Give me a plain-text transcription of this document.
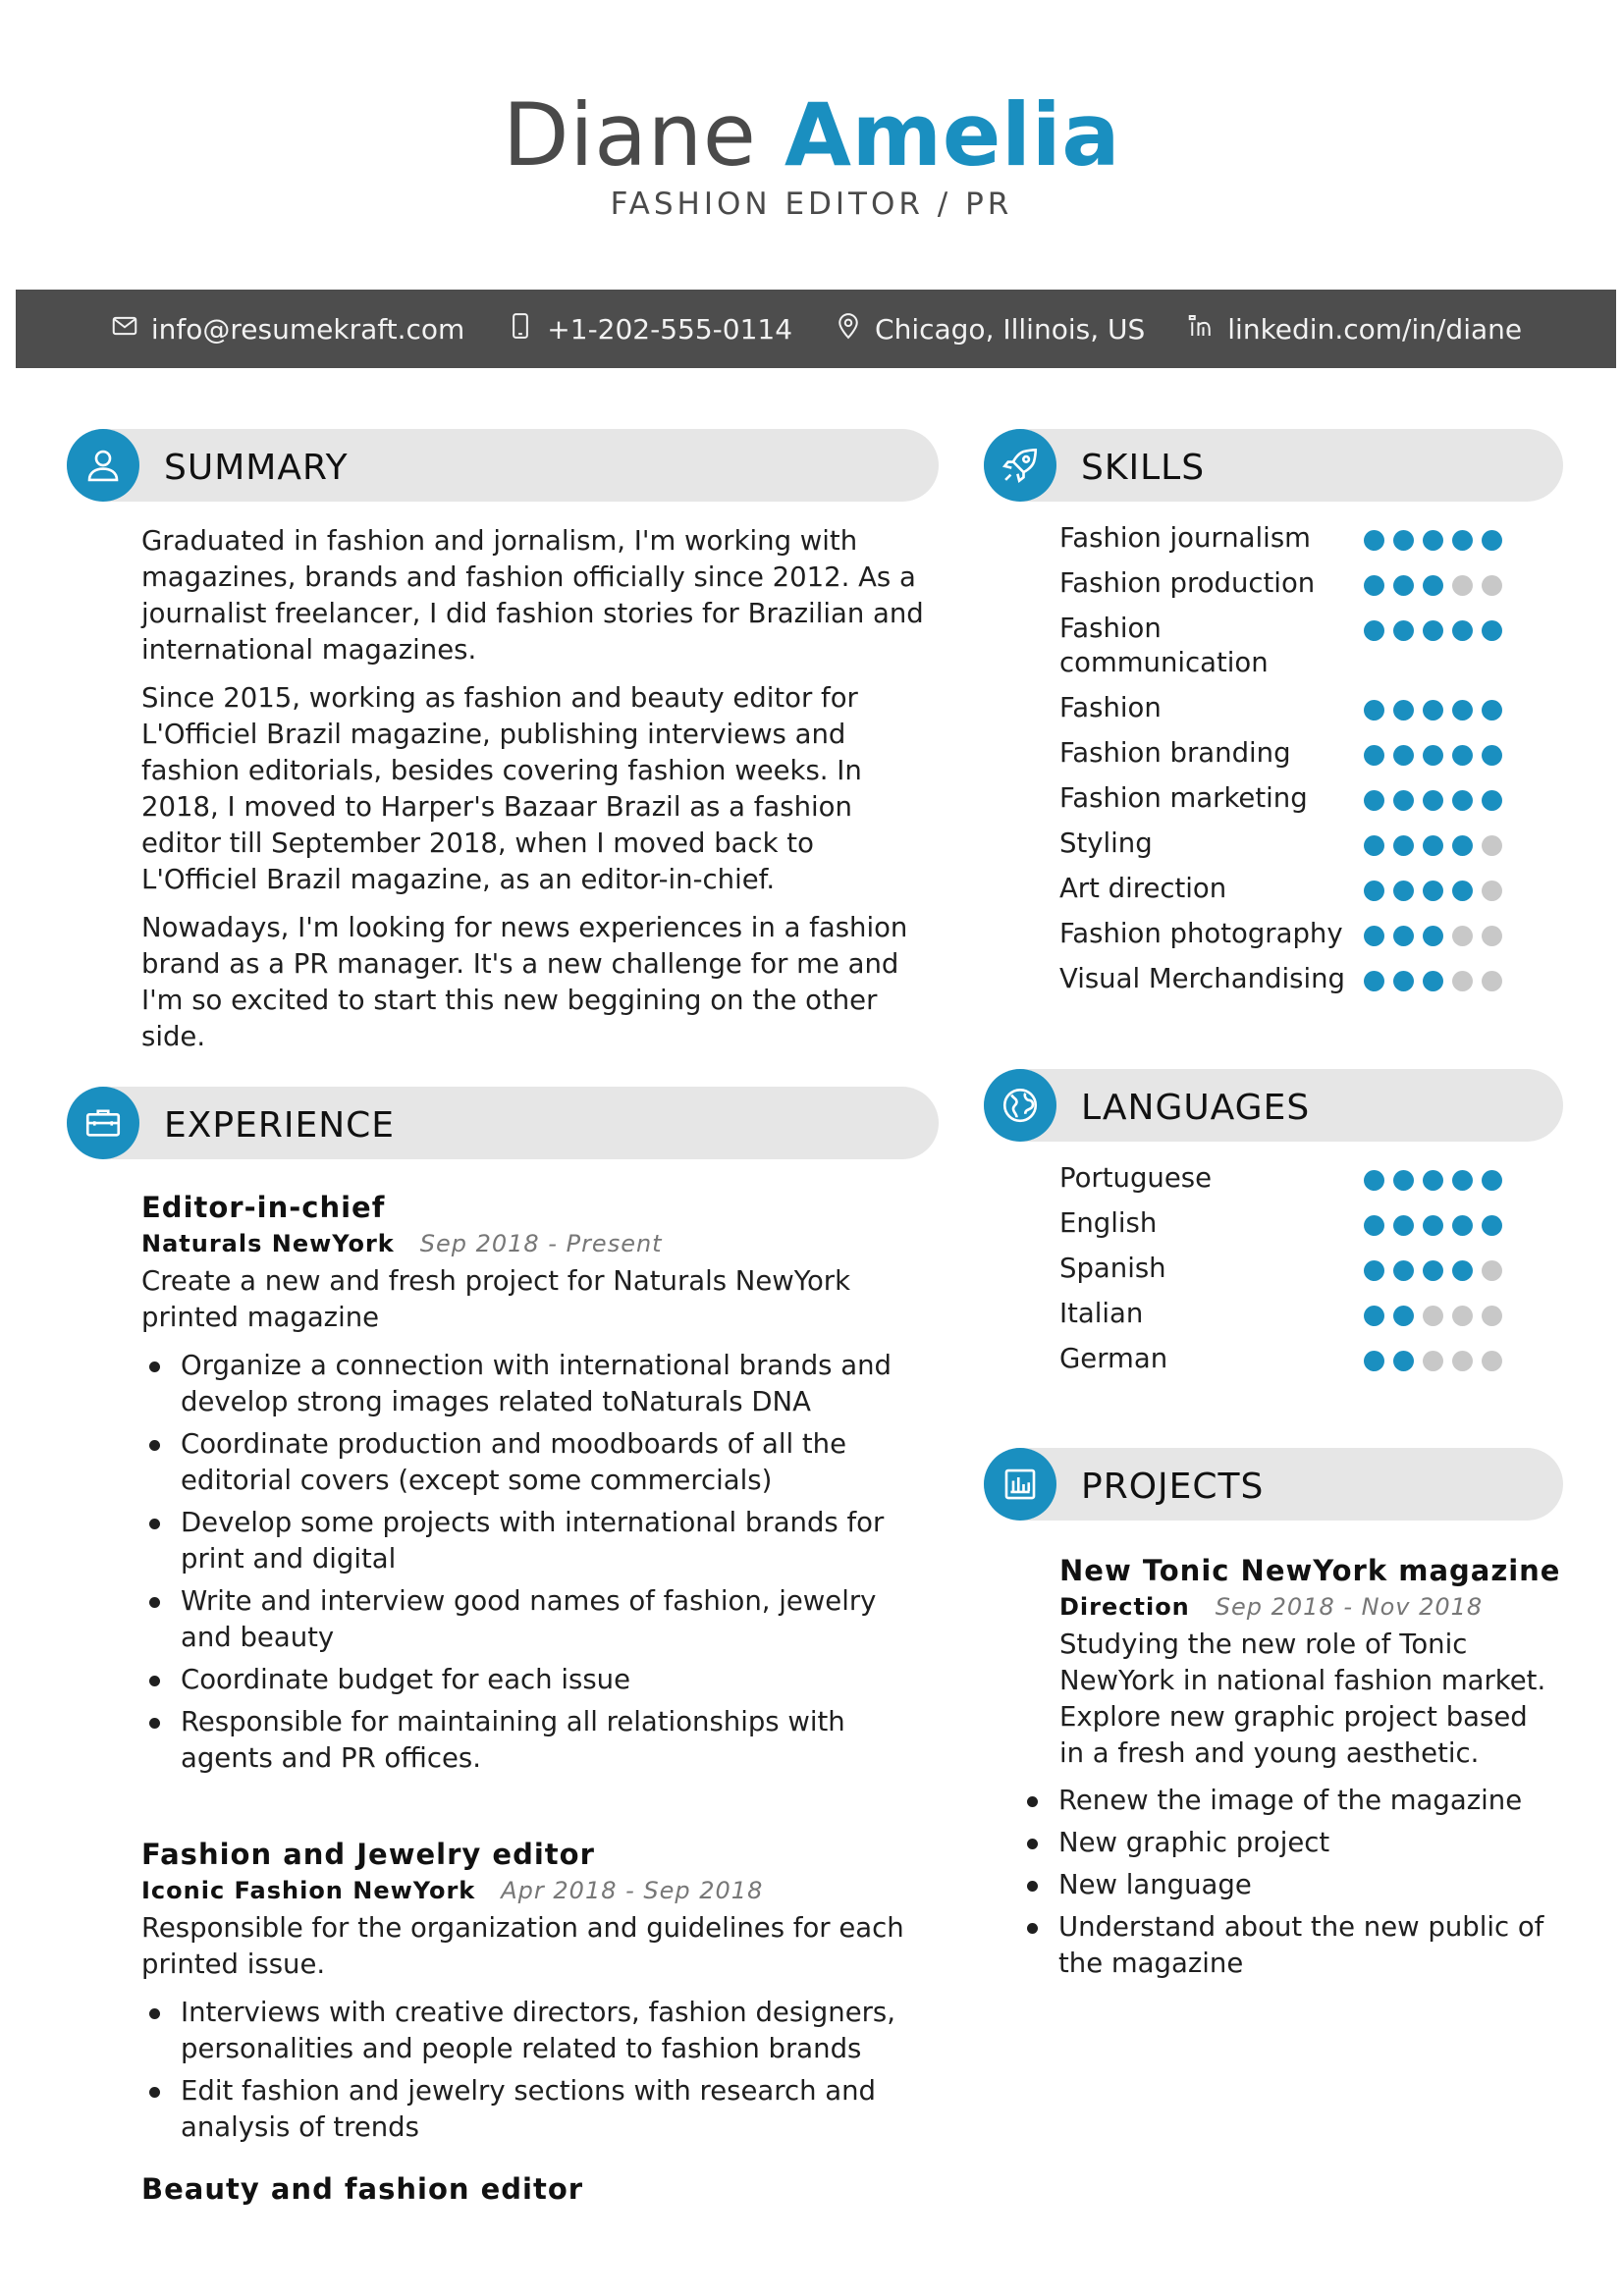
Diane Amelia
FASHION EDITOR / PR
info@resumekraft.com	+1-202-555-0114	Chicago, Illinois, US	linkedin.com/in/diane
SUMMARY
Graduated in fashion and jornalism, I'm working with magazines, brands and fashion officially since 2012. As a journalist freelancer, I did fashion stories for Brazilian and international magazines.
Since 2015, working as fashion and beauty editor for L'Officiel Brazil magazine, publishing interviews and fashion editorials, besides covering fashion weeks. In 2018, I moved to Harper's Bazaar Brazil as a fashion editor till September 2018, when I moved back to L'Officiel Brazil magazine, as an editor-in-chief.
Nowadays, I'm looking for news experiences in a fashion brand as a PR manager. It's a new challenge for me and I'm so excited to start this new beggining on the other side.
EXPERIENCE
Editor-in-chief
Naturals NewYork Sep 2018 - Present
Create a new and fresh project for Naturals NewYork printed magazine
Organize a connection with international brands and develop strong images related toNaturals DNA
Coordinate production and moodboards of all the editorial covers (except some commercials)
Develop some projects with international brands for print and digital
Write and interview good names of fashion, jewelry and beauty
Coordinate budget for each issue
Responsible for maintaining all relationships with agents and PR offices.
Fashion and Jewelry editor
Iconic Fashion NewYork Apr 2018 - Sep 2018
Responsible for the organization and guidelines for each printed issue.
Interviews with creative directors, fashion designers, personalities and people related to fashion brands
Edit fashion and jewelry sections with research and analysis of trends
Beauty and fashion editor
SKILLS
Fashion journalism
Fashion production
Fashion communication
Fashion
Fashion branding
Fashion marketing
Styling
Art direction
Fashion photography
Visual Merchandising
LANGUAGES
Portuguese
English
Spanish
Italian
German
PROJECTS
New Tonic NewYork magazine
Direction Sep 2018 - Nov 2018
Studying the new role of Tonic NewYork in national fashion market. Explore new graphic project based in a fresh and young aesthetic.
Renew the image of the magazine
New graphic project
New language
Understand about the new public of the magazine
